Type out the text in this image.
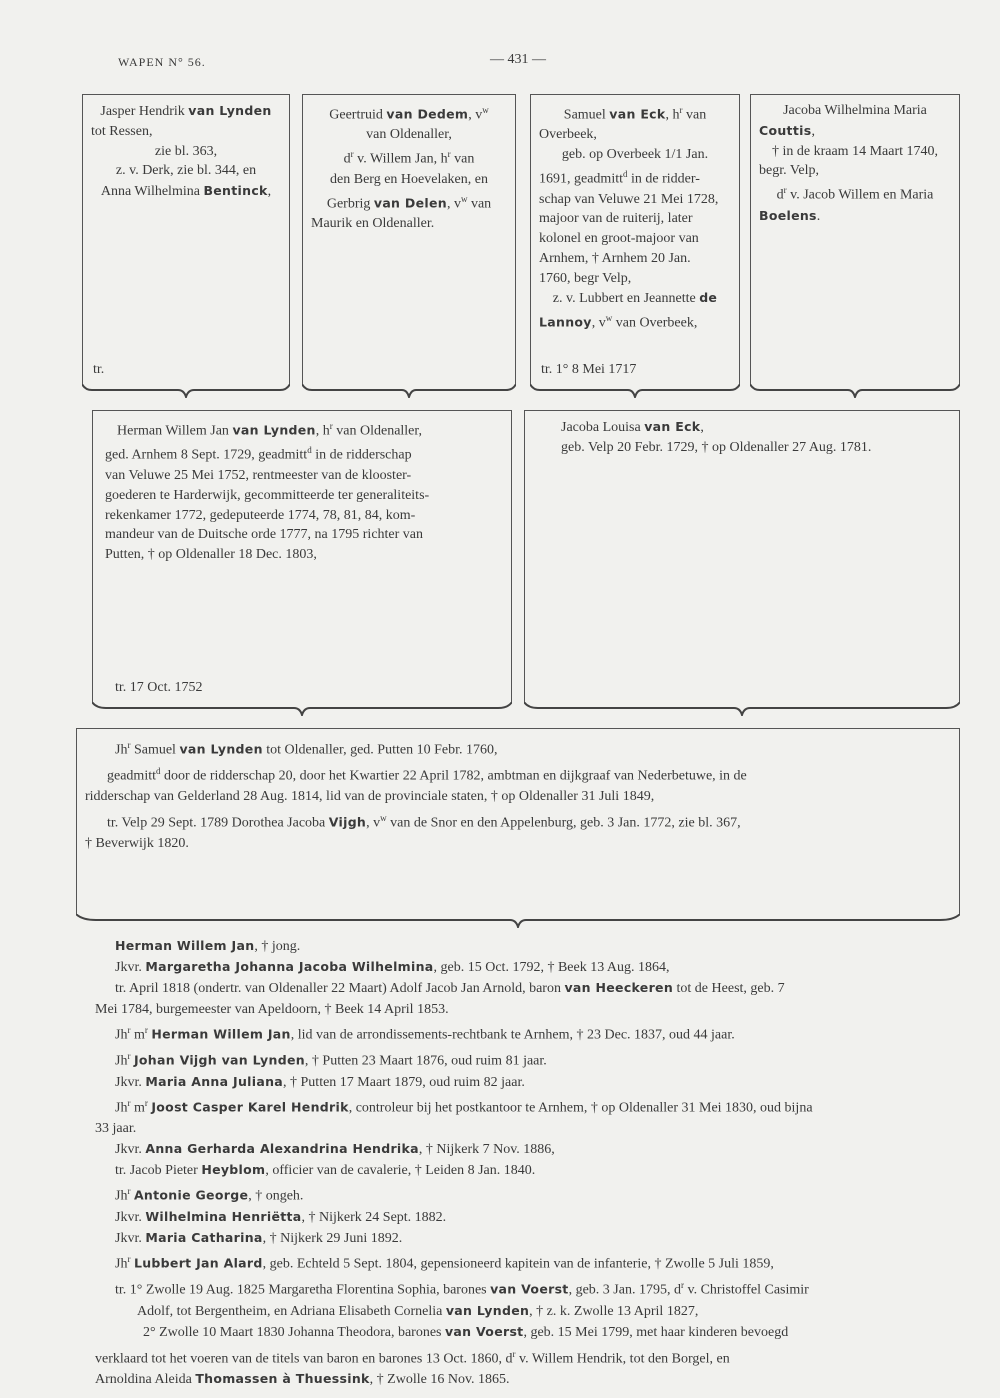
WAPEN N° 56.	— 431 —
Jasper Hendrik van Lynden
tot Ressen,
zie bl. 363,
z. v. Derk, zie bl. 344, en
Anna Wilhelmina Bentinck,
tr.
Geertruid van Dedem, $v^w$
van Oldenaller,
$d^r$ v. Willem Jan, $h^r$ van
den Berg en Hoevelaken, en
Gerbrig van Delen, $v^w$ van
Maurik en Oldenaller.
Samuel van Eck, $h^r$ van
Overbeek,
geb. op Overbeek 1/1 Jan.
1691, geadmitt$^d$ in de ridder-
schap van Veluwe 21 Mei 1728,
majoor van de ruiterij, later
kolonel en groot-majoor van
Arnhem, † Arnhem 20 Jan.
1760, begr Velp,
z. v. Lubbert en Jeannette de
Lannoy, $v^w$ van Overbeek,
tr. 1° 8 Mei 1717
Jacoba Wilhelmina Maria
Couttis,
† in de kraam 14 Maart 1740,
begr. Velp,
$d^r$ v. Jacob Willem en Maria
Boelens.
Herman Willem Jan van Lynden, $h^r$ van Oldenaller,
ged. Arnhem 8 Sept. 1729, geadmitt$^d$ in de ridderschap
van Veluwe 25 Mei 1752, rentmeester van de klooster-
goederen te Harderwijk, gecommitteerde ter generaliteits-
rekenkamer 1772, gedeputeerde 1774, 78, 81, 84, kom-
mandeur van de Duitsche orde 1777, na 1795 richter van
Putten, † op Oldenaller 18 Dec. 1803,
tr. 17 Oct. 1752
Jacoba Louisa van Eck,
geb. Velp 20 Febr. 1729, † op Oldenaller 27 Aug. 1781.
Jh$^r$ Samuel van Lynden tot Oldenaller, ged. Putten 10 Febr. 1760,
geadmitt$^d$ door de ridderschap 20, door het Kwartier 22 April 1782, ambtman en dijkgraaf van Nederbetuwe, in de
ridderschap van Gelderland 28 Aug. 1814, lid van de provinciale staten, † op Oldenaller 31 Juli 1849,
tr. Velp 29 Sept. 1789 Dorothea Jacoba Vijgh, $v^w$ van de Snor en den Appelenburg, geb. 3 Jan. 1772, zie bl. 367,
† Beverwijk 1820.

Herman Willem Jan, † jong.

Jkvr. Margaretha Johanna Jacoba Wilhelmina, geb. 15 Oct. 1792, † Beek 13 Aug. 1864,

tr. April 1818 (ondertr. van Oldenaller 22 Maart) Adolf Jacob Jan Arnold, baron van Heeckeren tot de Heest, geb. 7

Mei 1784, burgemeester van Apeldoorn, † Beek 14 April 1853.

Jh$^r$ $m^r$ Herman Willem Jan, lid van de arrondissements-rechtbank te Arnhem, † 23 Dec. 1837, oud 44 jaar.

Jh$^r$ Johan Vijgh van Lynden, † Putten 23 Maart 1876, oud ruim 81 jaar.

Jkvr. Maria Anna Juliana, † Putten 17 Maart 1879, oud ruim 82 jaar.

Jh$^r$ $m^r$ Joost Casper Karel Hendrik, controleur bij het postkantoor te Arnhem, † op Oldenaller 31 Mei 1830, oud bijna

33 jaar.

Jkvr. Anna Gerharda Alexandrina Hendrika, † Nijkerk 7 Nov. 1886,

tr. Jacob Pieter Heyblom, officier van de cavalerie, † Leiden 8 Jan. 1840.

Jh$^r$ Antonie George, † ongeh.

Jkvr. Wilhelmina Henriëtta, † Nijkerk 24 Sept. 1882.

Jkvr. Maria Catharina, † Nijkerk 29 Juni 1892.

Jh$^r$ Lubbert Jan Alard, geb. Echteld 5 Sept. 1804, gepensioneerd kapitein van de infanterie, † Zwolle 5 Juli 1859,

tr. 1° Zwolle 19 Aug. 1825 Margaretha Florentina Sophia, barones van Voerst, geb. 3 Jan. 1795, $d^r$ v. Christoffel Casimir

Adolf, tot Bergentheim, en Adriana Elisabeth Cornelia van Lynden, † z. k. Zwolle 13 April 1827,

2° Zwolle 10 Maart 1830 Johanna Theodora, barones van Voerst, geb. 15 Mei 1799, met haar kinderen bevoegd

verklaard tot het voeren van de titels van baron en barones 13 Oct. 1860, $d^r$ v. Willem Hendrik, tot den Borgel, en

Arnoldina Aleida Thomassen à Thuessink, † Zwolle 16 Nov. 1865.
